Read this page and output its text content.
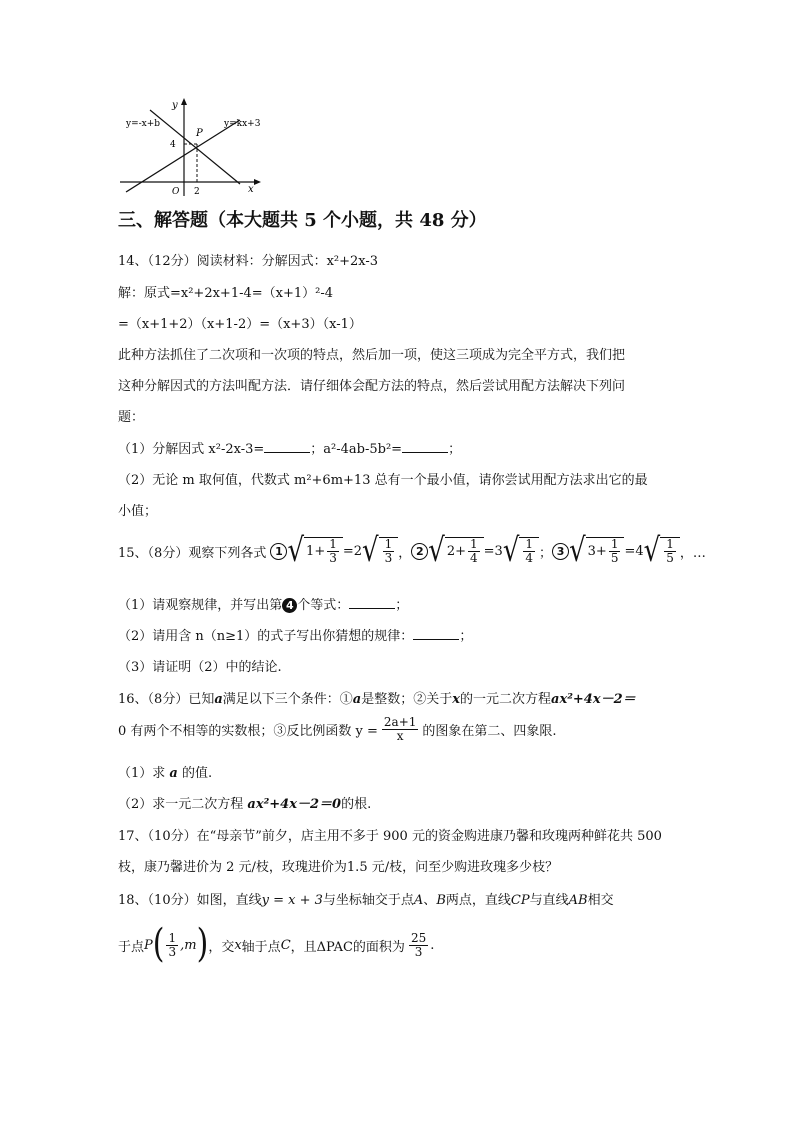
y
x
y=-x+b	y=kx+3
P
4
O 2
三、解答题（本大题共 5 个小题，共 48 分）
14、（12分）阅读材料：分解因式：x²+2x-3
解：原式=x²+2x+1-4=（x+1）²-4
=（x+1+2）（x+1-2）=（x+3）（x-1）
此种方法抓住了二次项和一次项的特点，然后加一项，使这三项成为完全平方式，我们把
这种分解因式的方法叫配方法．请仔细体会配方法的特点，然后尝试用配方法解决下列问
题：
（1）分解因式 x²-2x-3=	；a²-4ab-5b²=	；
（2）无论 m 取何值，代数式 m²+6m+13 总有一个最小值，请你尝试用配方法求出它的最
小值；
15、（8分）观察下列各式
1 √ $1+ \frac{1}{3} =2$ √ $\frac{1}{3}$ ， 2 √ $2+ \frac{1}{4} =3$ √ $\frac{1}{4}$ ； 3 √ $3+ \frac{1}{5} =4$ √ $\frac{1}{5}$ ，…
（1）请观察规律，并写出第 4 个等式：	；
（2）请用含 n（n≥1）的式子写出你猜想的规律：	；
（3）请证明（2）中的结论.
16、（8分）已知a满足以下三个条件：①a是整数；②关于x的一元二次方程ax²+4x－2＝
0 有两个不相等的实数根；③反比例函数 $y = \frac{2a+1}{x}$ 的图象在第二、四象限.
（1）求 a 的值.
（2）求一元二次方程 ax²+4x－2＝0的根.
17、（10分）在“母亲节”前夕，店主用不多于 900 元的资金购进康乃馨和玫瑰两种鲜花共 500
枝，康乃馨进价为 2 元/枝，玫瑰进价为1.5 元/枝，问至少购进玫瑰多少枝？
18、（10分）如图，直线y = x + 3与坐标轴交于点A、B两点，直线CP与直线AB相交
于点 P ( $\frac{1}{3} ,m$ ) ，交 x 轴于点 C ，且ΔPAC 的面积为 $\frac{25}{3}$ .
